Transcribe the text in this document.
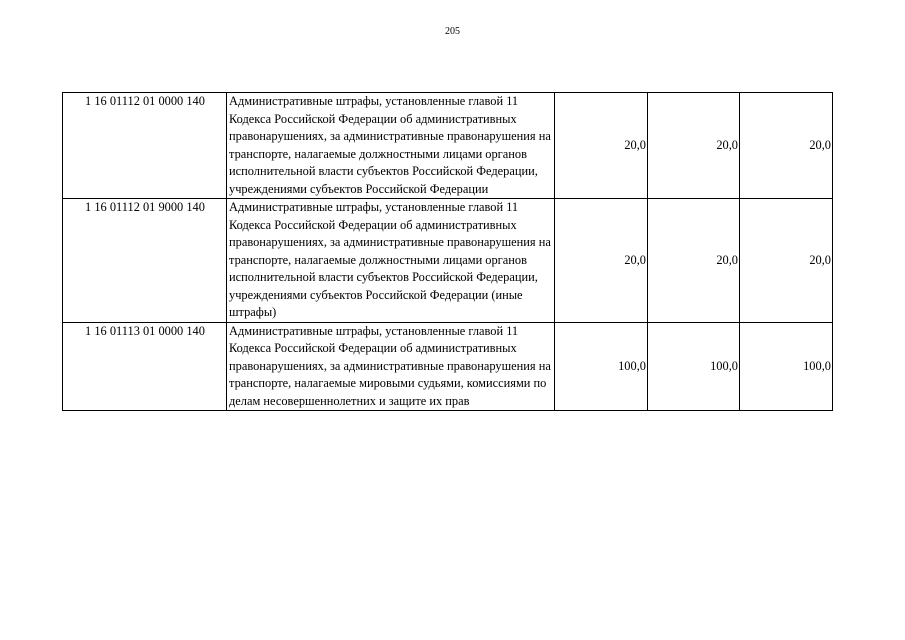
205
1 16 01112 01 0000 140	Административные штрафы, установленные главой 11 Кодекса Российской Федерации об административных правонарушениях, за административные правонарушения на транспорте, налагаемые должностными лицами органов исполнительной власти субъектов Российской Федерации, учреждениями субъектов Российской Федерации	20,0	20,0	20,0
1 16 01112 01 9000 140	Административные штрафы, установленные главой 11 Кодекса Российской Федерации об административных правонарушениях, за административные правонарушения на транспорте, налагаемые должностными лицами органов исполнительной власти субъектов Российской Федерации, учреждениями субъектов Российской Федерации (иные штрафы)	20,0	20,0	20,0
1 16 01113 01 0000 140	Административные штрафы, установленные главой 11 Кодекса Российской Федерации об административных правонарушениях, за административные правонарушения на транспорте, налагаемые мировыми судьями, комиссиями по делам несовершеннолетних и защите их прав	100,0	100,0	100,0
